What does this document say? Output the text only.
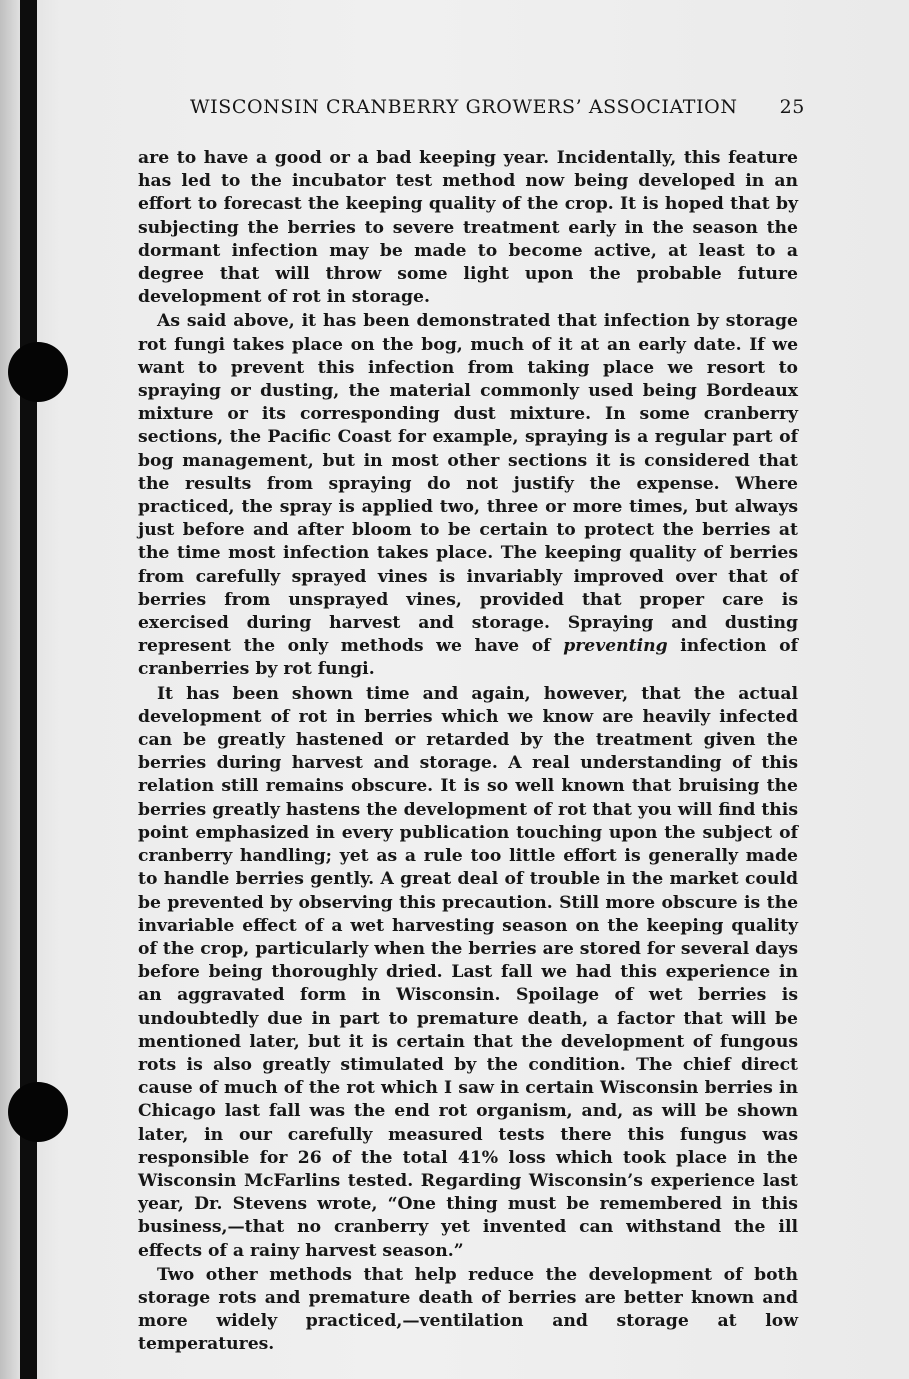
WISCONSIN CRANBERRY GROWERS’ ASSOCIATION 25

are to have a good or a bad keeping year. Incidentally, this feature has led to the incubator test method now being developed in an effort to forecast the keeping quality of the crop. It is hoped that by subjecting the berries to severe treatment early in the season the dormant infection may be made to become active, at least to a degree that will throw some light upon the probable future development of rot in storage.

As said above, it has been demonstrated that infection by storage rot fungi takes place on the bog, much of it at an early date. If we want to prevent this infection from taking place we resort to spraying or dusting, the material commonly used being Bordeaux mixture or its corresponding dust mixture. In some cranberry sections, the Pacific Coast for example, spraying is a regular part of bog management, but in most other sections it is considered that the results from spraying do not justify the expense. Where practiced, the spray is applied two, three or more times, but always just before and after bloom to be certain to protect the berries at the time most infection takes place. The keeping quality of berries from carefully sprayed vines is invariably improved over that of berries from unsprayed vines, provided that proper care is exercised during harvest and storage. Spraying and dusting represent the only methods we have of preventing infection of cranberries by rot fungi.

It has been shown time and again, however, that the actual development of rot in berries which we know are heavily infected can be greatly hastened or retarded by the treatment given the berries during harvest and storage. A real understanding of this relation still remains obscure. It is so well known that bruising the berries greatly hastens the development of rot that you will find this point emphasized in every publication touching upon the subject of cranberry handling; yet as a rule too little effort is generally made to handle berries gently. A great deal of trouble in the market could be prevented by observing this precaution. Still more obscure is the invariable effect of a wet harvesting season on the keeping quality of the crop, particularly when the berries are stored for several days before being thoroughly dried. Last fall we had this experience in an aggravated form in Wisconsin. Spoilage of wet berries is undoubtedly due in part to premature death, a factor that will be mentioned later, but it is certain that the development of fungous rots is also greatly stimulated by the condition. The chief direct cause of much of the rot which I saw in certain Wisconsin berries in Chicago last fall was the end rot organism, and, as will be shown later, in our carefully measured tests there this fungus was responsible for 26 of the total 41% loss which took place in the Wisconsin McFarlins tested. Regarding Wisconsin’s experience last year, Dr. Stevens wrote, “One thing must be remembered in this business,—that no cranberry yet invented can withstand the ill effects of a rainy harvest season.”

Two other methods that help reduce the development of both storage rots and premature death of berries are better known and more widely practiced,—ventilation and storage at low temperatures.
